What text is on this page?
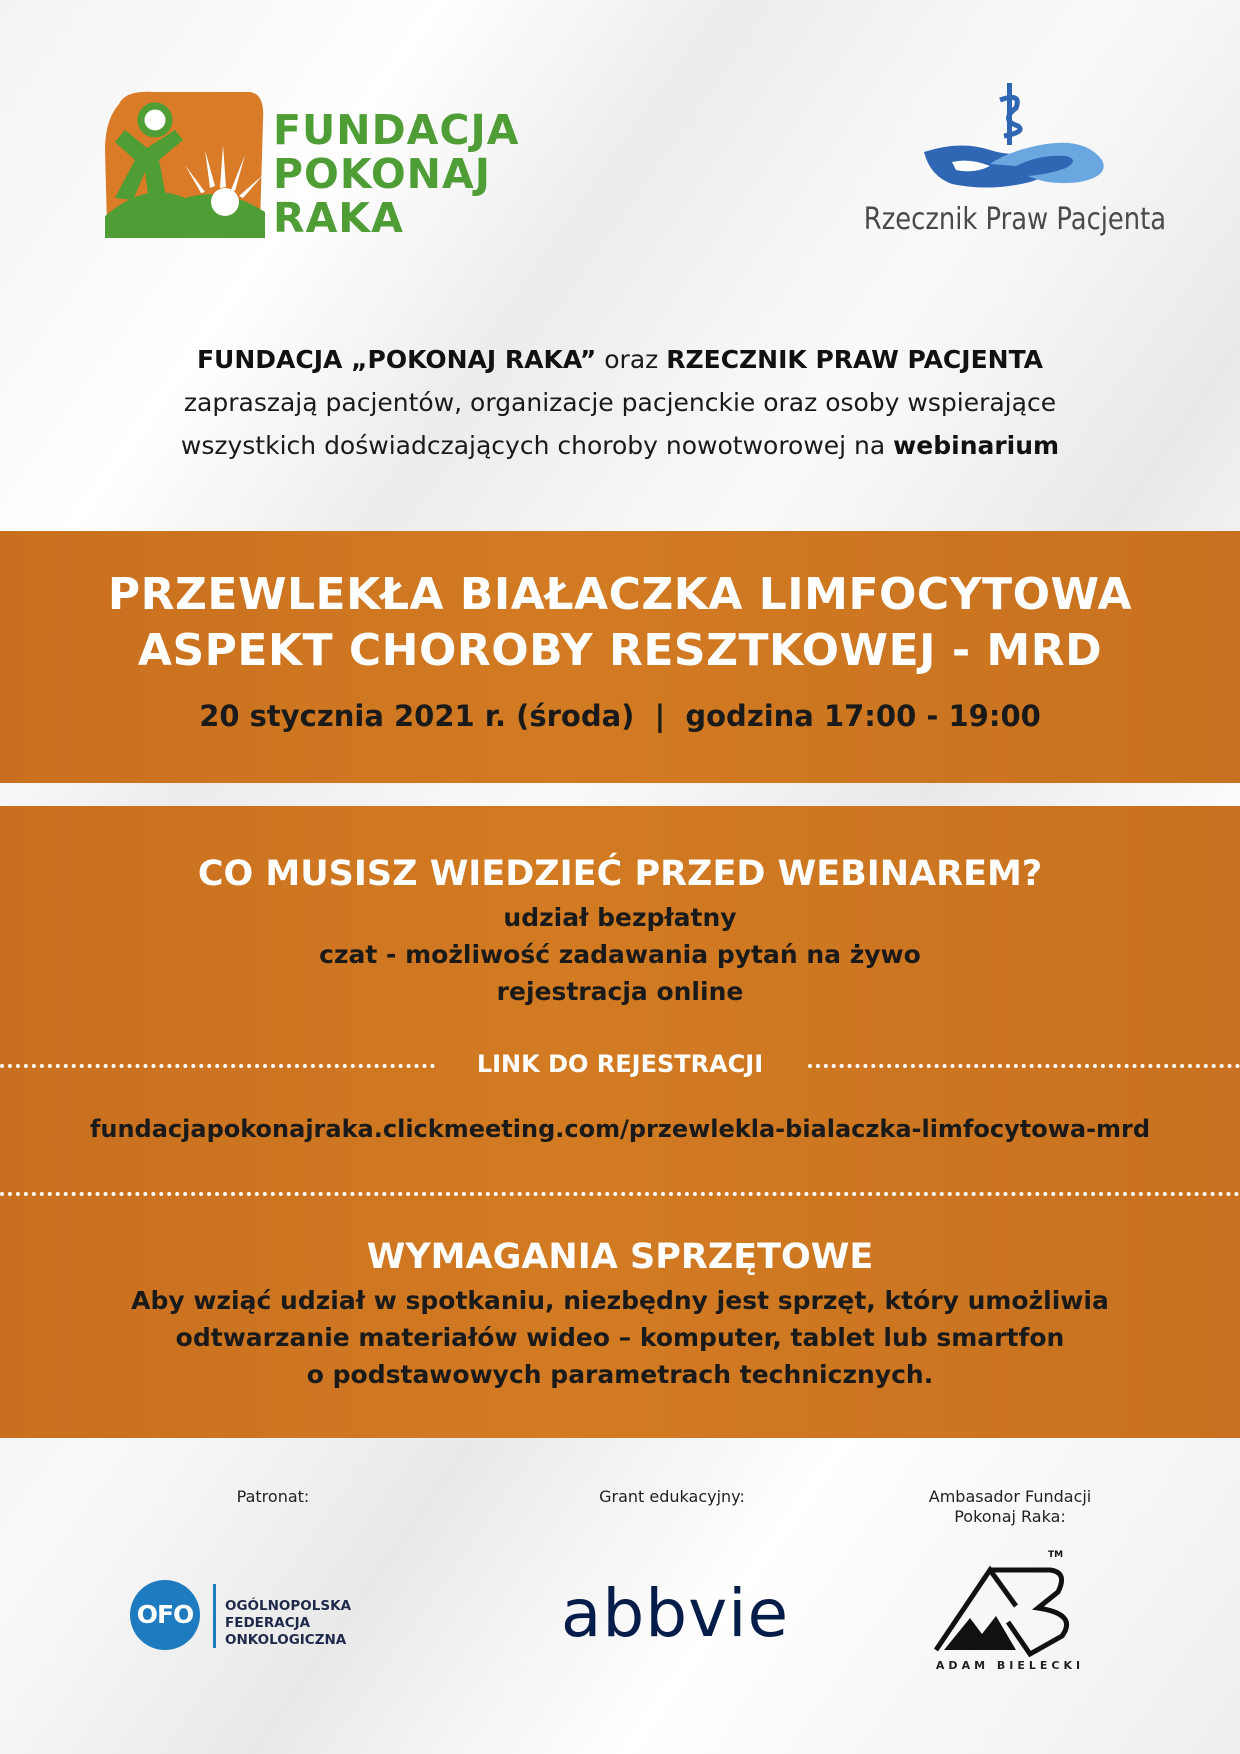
FUNDACJA
POKONAJ
RAKA	Rzecznik Praw Pacjenta
FUNDACJA „POKONAJ RAKA” oraz RZECZNIK PRAW PACJENTA
zapraszają pacjentów, organizacje pacjenckie oraz osoby wspierające
wszystkich doświadczających choroby nowotworowej na webinarium
PRZEWLEKŁA BIAŁACZKA LIMFOCYTOWA
ASPEKT CHOROBY RESZTKOWEJ - MRD
20 stycznia 2021 r. (środa)  |  godzina 17:00 - 19:00
CO MUSISZ WIEDZIEĆ PRZED WEBINAREM?
udział bezpłatny
czat - możliwość zadawania pytań na żywo
rejestracja online
LINK DO REJESTRACJI
fundacjapokonajraka.clickmeeting.com/przewlekla-bialaczka-limfocytowa-mrd
WYMAGANIA SPRZĘTOWE
Aby wziąć udział w spotkaniu, niezbędny jest sprzęt, który umożliwia
odtwarzanie materiałów wideo – komputer, tablet lub smartfon
o podstawowych parametrach technicznych.
Patronat:	Grant edukacyjny:	Ambasador Fundacji
Pokonaj Raka:
OFO	OGÓLNOPOLSKA FEDERACJA
ONKOLOGICZNA	abbvie
TM
ADAM BIELECKI
